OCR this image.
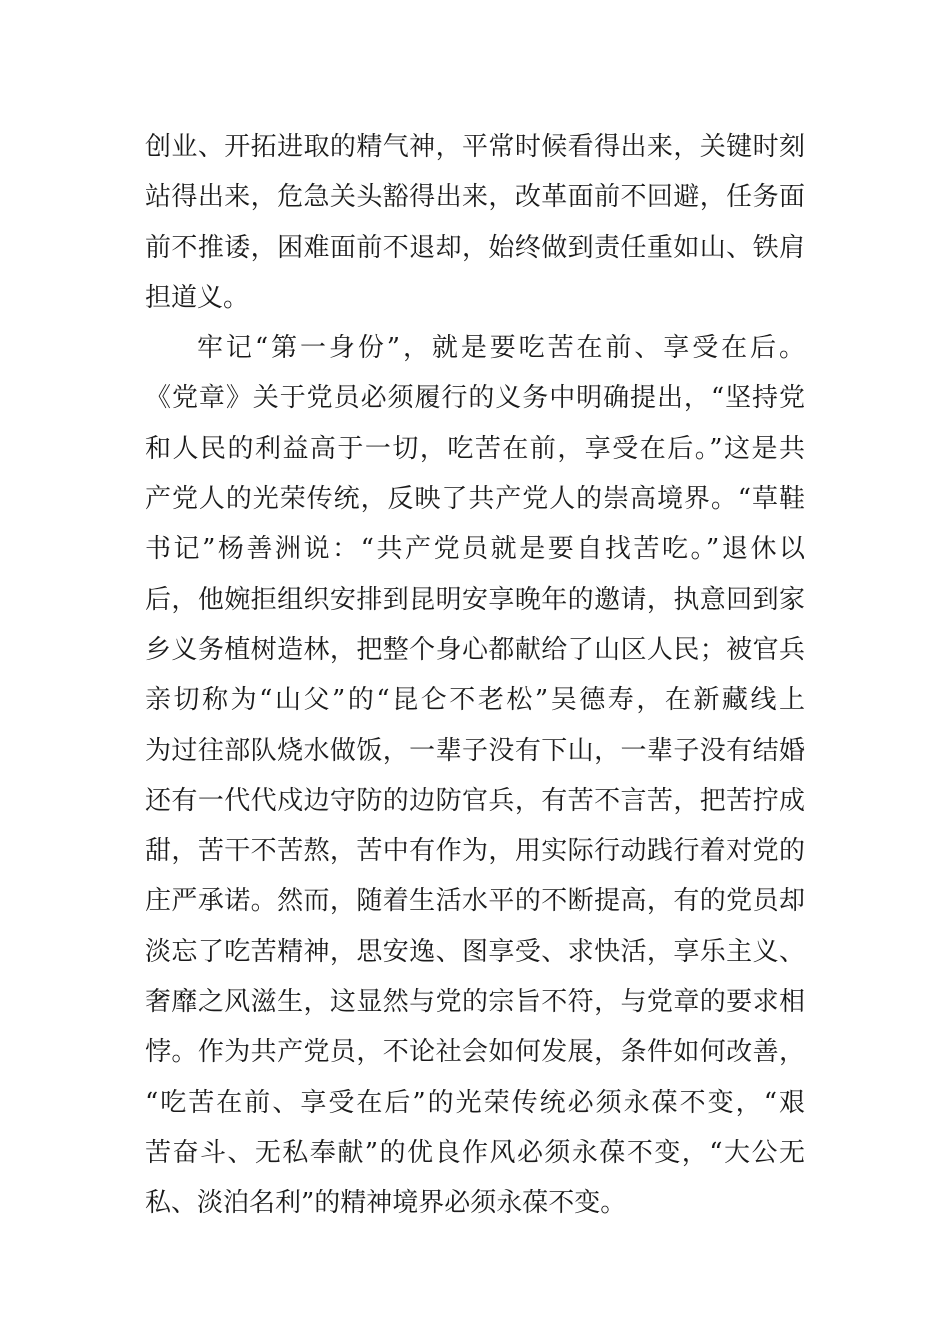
创业、开拓进取的精气神，平常时候看得出来，关键时刻
站得出来，危急关头豁得出来，改革面前不回避，任务面
前不推诿，困难面前不退却，始终做到责任重如山、铁肩
担道义。
牢记“第一身份”，就是要吃苦在前、享受在后。
《党章》关于党员必须履行的义务中明确提出，“坚持党
和人民的利益高于一切，吃苦在前，享受在后。”这是共
产党人的光荣传统，反映了共产党人的崇高境界。“草鞋
书记”杨善洲说：“共产党员就是要自找苦吃。”退休以
后，他婉拒组织安排到昆明安享晚年的邀请，执意回到家
乡义务植树造林，把整个身心都献给了山区人民；被官兵
亲切称为“山父”的“昆仑不老松”吴德寿，在新藏线上
为过往部队烧水做饭，一辈子没有下山，一辈子没有结婚
还有一代代戍边守防的边防官兵，有苦不言苦，把苦拧成
甜，苦干不苦熬，苦中有作为，用实际行动践行着对党的
庄严承诺。然而，随着生活水平的不断提高，有的党员却
淡忘了吃苦精神，思安逸、图享受、求快活，享乐主义、
奢靡之风滋生，这显然与党的宗旨不符，与党章的要求相
悖。作为共产党员，不论社会如何发展，条件如何改善，
“吃苦在前、享受在后”的光荣传统必须永葆不变，“艰
苦奋斗、无私奉献”的优良作风必须永葆不变，“大公无
私、淡泊名利”的精神境界必须永葆不变。
